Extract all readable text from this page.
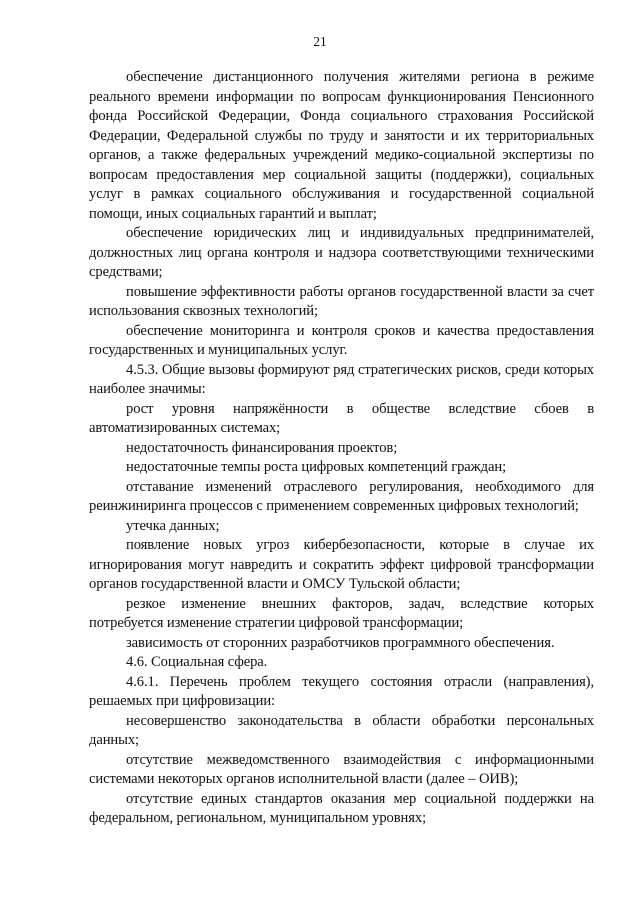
21

обеспечение дистанционного получения жителями региона в режиме реального времени информации по вопросам функционирования Пенсионного фонда Российской Федерации, Фонда социального страхования Российской Федерации, Федеральной службы по труду и занятости и их территориальных органов, а также федеральных учреждений медико-социальной экспертизы по вопросам предоставления мер социальной защиты (поддержки), социальных услуг в рамках социального обслуживания и государственной социальной помощи, иных социальных гарантий и выплат;

обеспечение юридических лиц и индивидуальных предпринимателей, должностных лиц органа контроля и надзора соответствующими техническими средствами;

повышение эффективности работы органов государственной власти за счет использования сквозных технологий;

обеспечение мониторинга и контроля сроков и качества предоставления государственных и муниципальных услуг.

4.5.3. Общие вызовы формируют ряд стратегических рисков, среди которых наиболее значимы:

рост уровня напряжённости в обществе вследствие сбоев в автоматизированных системах;

недостаточность финансирования проектов;

недостаточные темпы роста цифровых компетенций граждан;

отставание изменений отраслевого регулирования, необходимого для реинжиниринга процессов с применением современных цифровых технологий;

утечка данных;

появление новых угроз кибербезопасности, которые в случае их игнорирования могут навредить и сократить эффект цифровой трансформации органов государственной власти и ОМСУ Тульской области;

резкое изменение внешних факторов, задач, вследствие которых потребуется изменение стратегии цифровой трансформации;

зависимость от сторонних разработчиков программного обеспечения.

4.6. Социальная сфера.

4.6.1. Перечень проблем текущего состояния отрасли (направления), решаемых при цифровизации:

несовершенство законодательства в области обработки персональных данных;

отсутствие межведомственного взаимодействия с информационными системами некоторых органов исполнительной власти (далее – ОИВ);

отсутствие единых стандартов оказания мер социальной поддержки на федеральном, региональном, муниципальном уровнях;
